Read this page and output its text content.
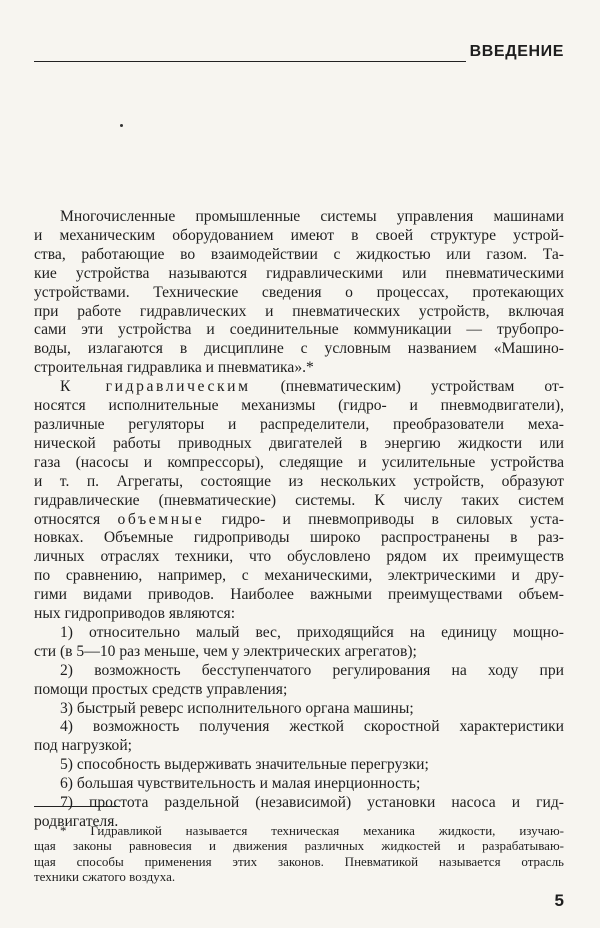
ВВЕДЕНИЕ
Многочисленные промышленные системы управления машинами
и механическим оборудованием имеют в своей структуре устрой-
ства, работающие во взаимодействии с жидкостью или газом. Та-
кие устройства называются гидравлическими или пневматическими
устройствами. Технические сведения о процессах, протекающих
при работе гидравлических и пневматических устройств, включая
сами эти устройства и соединительные коммуникации — трубопро-
воды, излагаются в дисциплине с условным названием «Машино-
строительная гидравлика и пневматика».*
К гидравлическим (пневматическим) устройствам от-
носятся исполнительные механизмы (гидро- и пневмодвигатели),
различные регуляторы и распределители, преобразователи меха-
нической работы приводных двигателей в энергию жидкости или
газа (насосы и компрессоры), следящие и усилительные устройства
и т. п. Агрегаты, состоящие из нескольких устройств, образуют
гидравлические (пневматические) системы. К числу таких систем
относятся объемные гидро- и пневмоприводы в силовых уста-
новках. Объемные гидроприводы широко распространены в раз-
личных отраслях техники, что обусловлено рядом их преимуществ
по сравнению, например, с механическими, электрическими и дру-
гими видами приводов. Наиболее важными преимуществами объем-
ных гидроприводов являются:
1) относительно малый вес, приходящийся на единицу мощно-
сти (в 5—10 раз меньше, чем у электрических агрегатов);
2) возможность бесступенчатого регулирования на ходу при
помощи простых средств управления;
3) быстрый реверс исполнительного органа машины;
4) возможность получения жесткой скоростной характеристики
под нагрузкой;
5) способность выдерживать значительные перегрузки;
6) большая чувствительность и малая инерционность;
7) простота раздельной (независимой) установки насоса и гид-
родвигателя.
* Гидравликой называется техническая механика жидкости, изучаю-
щая законы равновесия и движения различных жидкостей и разрабатываю-
щая способы применения этих законов. Пневматикой называется отрасль
техники сжатого воздуха.
5
